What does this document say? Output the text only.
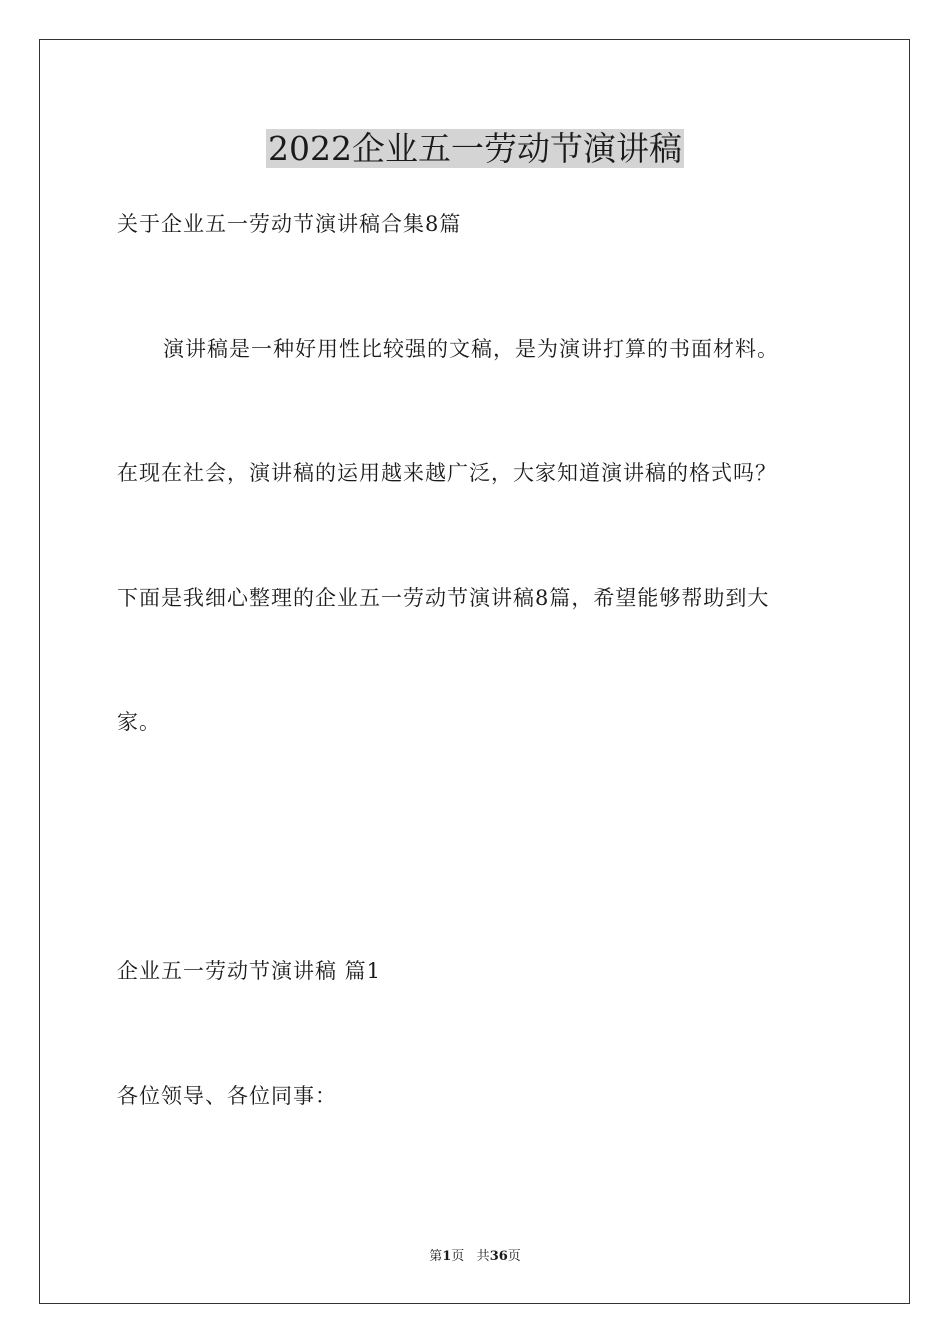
2022企业五一劳动节演讲稿

关于企业五一劳动节演讲稿合集8篇

演讲稿是一种好用性比较强的文稿，是为演讲打算的书面材料。

在现在社会，演讲稿的运用越来越广泛，大家知道演讲稿的格式吗？

下面是我细心整理的企业五一劳动节演讲稿8篇，希望能够帮助到大

家。

企业五一劳动节演讲稿 篇1

各位领导、各位同事：

第1页 共36页
